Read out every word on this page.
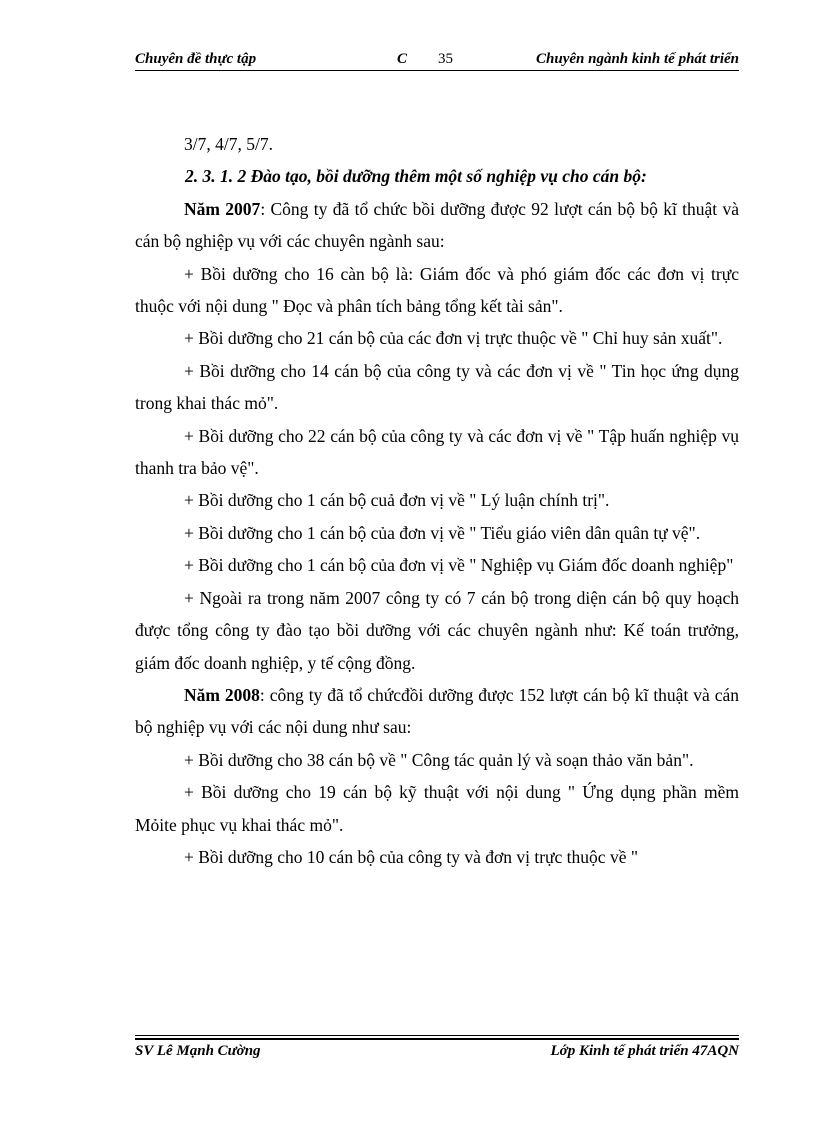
Chuyên đề thực tập	C 35	Chuyên ngành kinh tế phát triển

3/7, 4/7, 5/7.

2. 3. 1. 2 Đào tạo, bồi dưỡng thêm một số nghiệp vụ cho cán bộ:

Năm 2007: Công ty đã tổ chức bồi dưỡng được 92 lượt cán bộ bộ kĩ thuật và cán bộ nghiệp vụ với các chuyên ngành sau:

+ Bồi dưỡng cho 16 càn bộ là: Giám đốc và phó giám đốc các đơn vị trực thuộc với nội dung " Đọc và phân tích bảng tổng kết tài sản".

+ Bồi dưỡng cho 21 cán bộ của các đơn vị trực thuộc về " Chỉ huy sản xuất".

+ Bồi dưỡng cho 14 cán bộ của công ty và các đơn vị về " Tin học ứng dụng trong khai thác mỏ".

+ Bồi dưỡng cho 22 cán bộ của công ty và các đơn vị về " Tập huấn nghiệp vụ thanh tra bảo vệ".

+ Bồi dưỡng cho 1 cán bộ cuả đơn vị về " Lý luận chính trị".

+ Bồi dưỡng cho 1 cán bộ của đơn vị về " Tiểu giáo viên dân quân tự vệ".

+ Bồi dưỡng cho 1 cán bộ của đơn vị về " Nghiệp vụ Giám đốc doanh nghiệp"

+ Ngoài ra trong năm 2007 công ty có 7 cán bộ trong diện cán bộ quy hoạch được tổng công ty đào tạo bồi dưỡng với các chuyên ngành như: Kế toán trưởng, giám đốc doanh nghiệp, y tế cộng đồng.

Năm 2008: công ty đã tổ chứcđồi dưỡng được 152 lượt cán bộ kĩ thuật và cán bộ nghiệp vụ với các nội dung như sau:

+ Bồi dưỡng cho 38 cán bộ về " Công tác quản lý và soạn thảo văn bản".

+ Bồi dưỡng cho 19 cán bộ kỹ thuật với nội dung " Ứng dụng phần mềm Mỏite phục vụ khai thác mỏ".

+ Bồi dưỡng cho 10 cán bộ của công ty và đơn vị trực thuộc về "

SV Lê Mạnh Cường	Lớp Kinh tế phát triển 47AQN
